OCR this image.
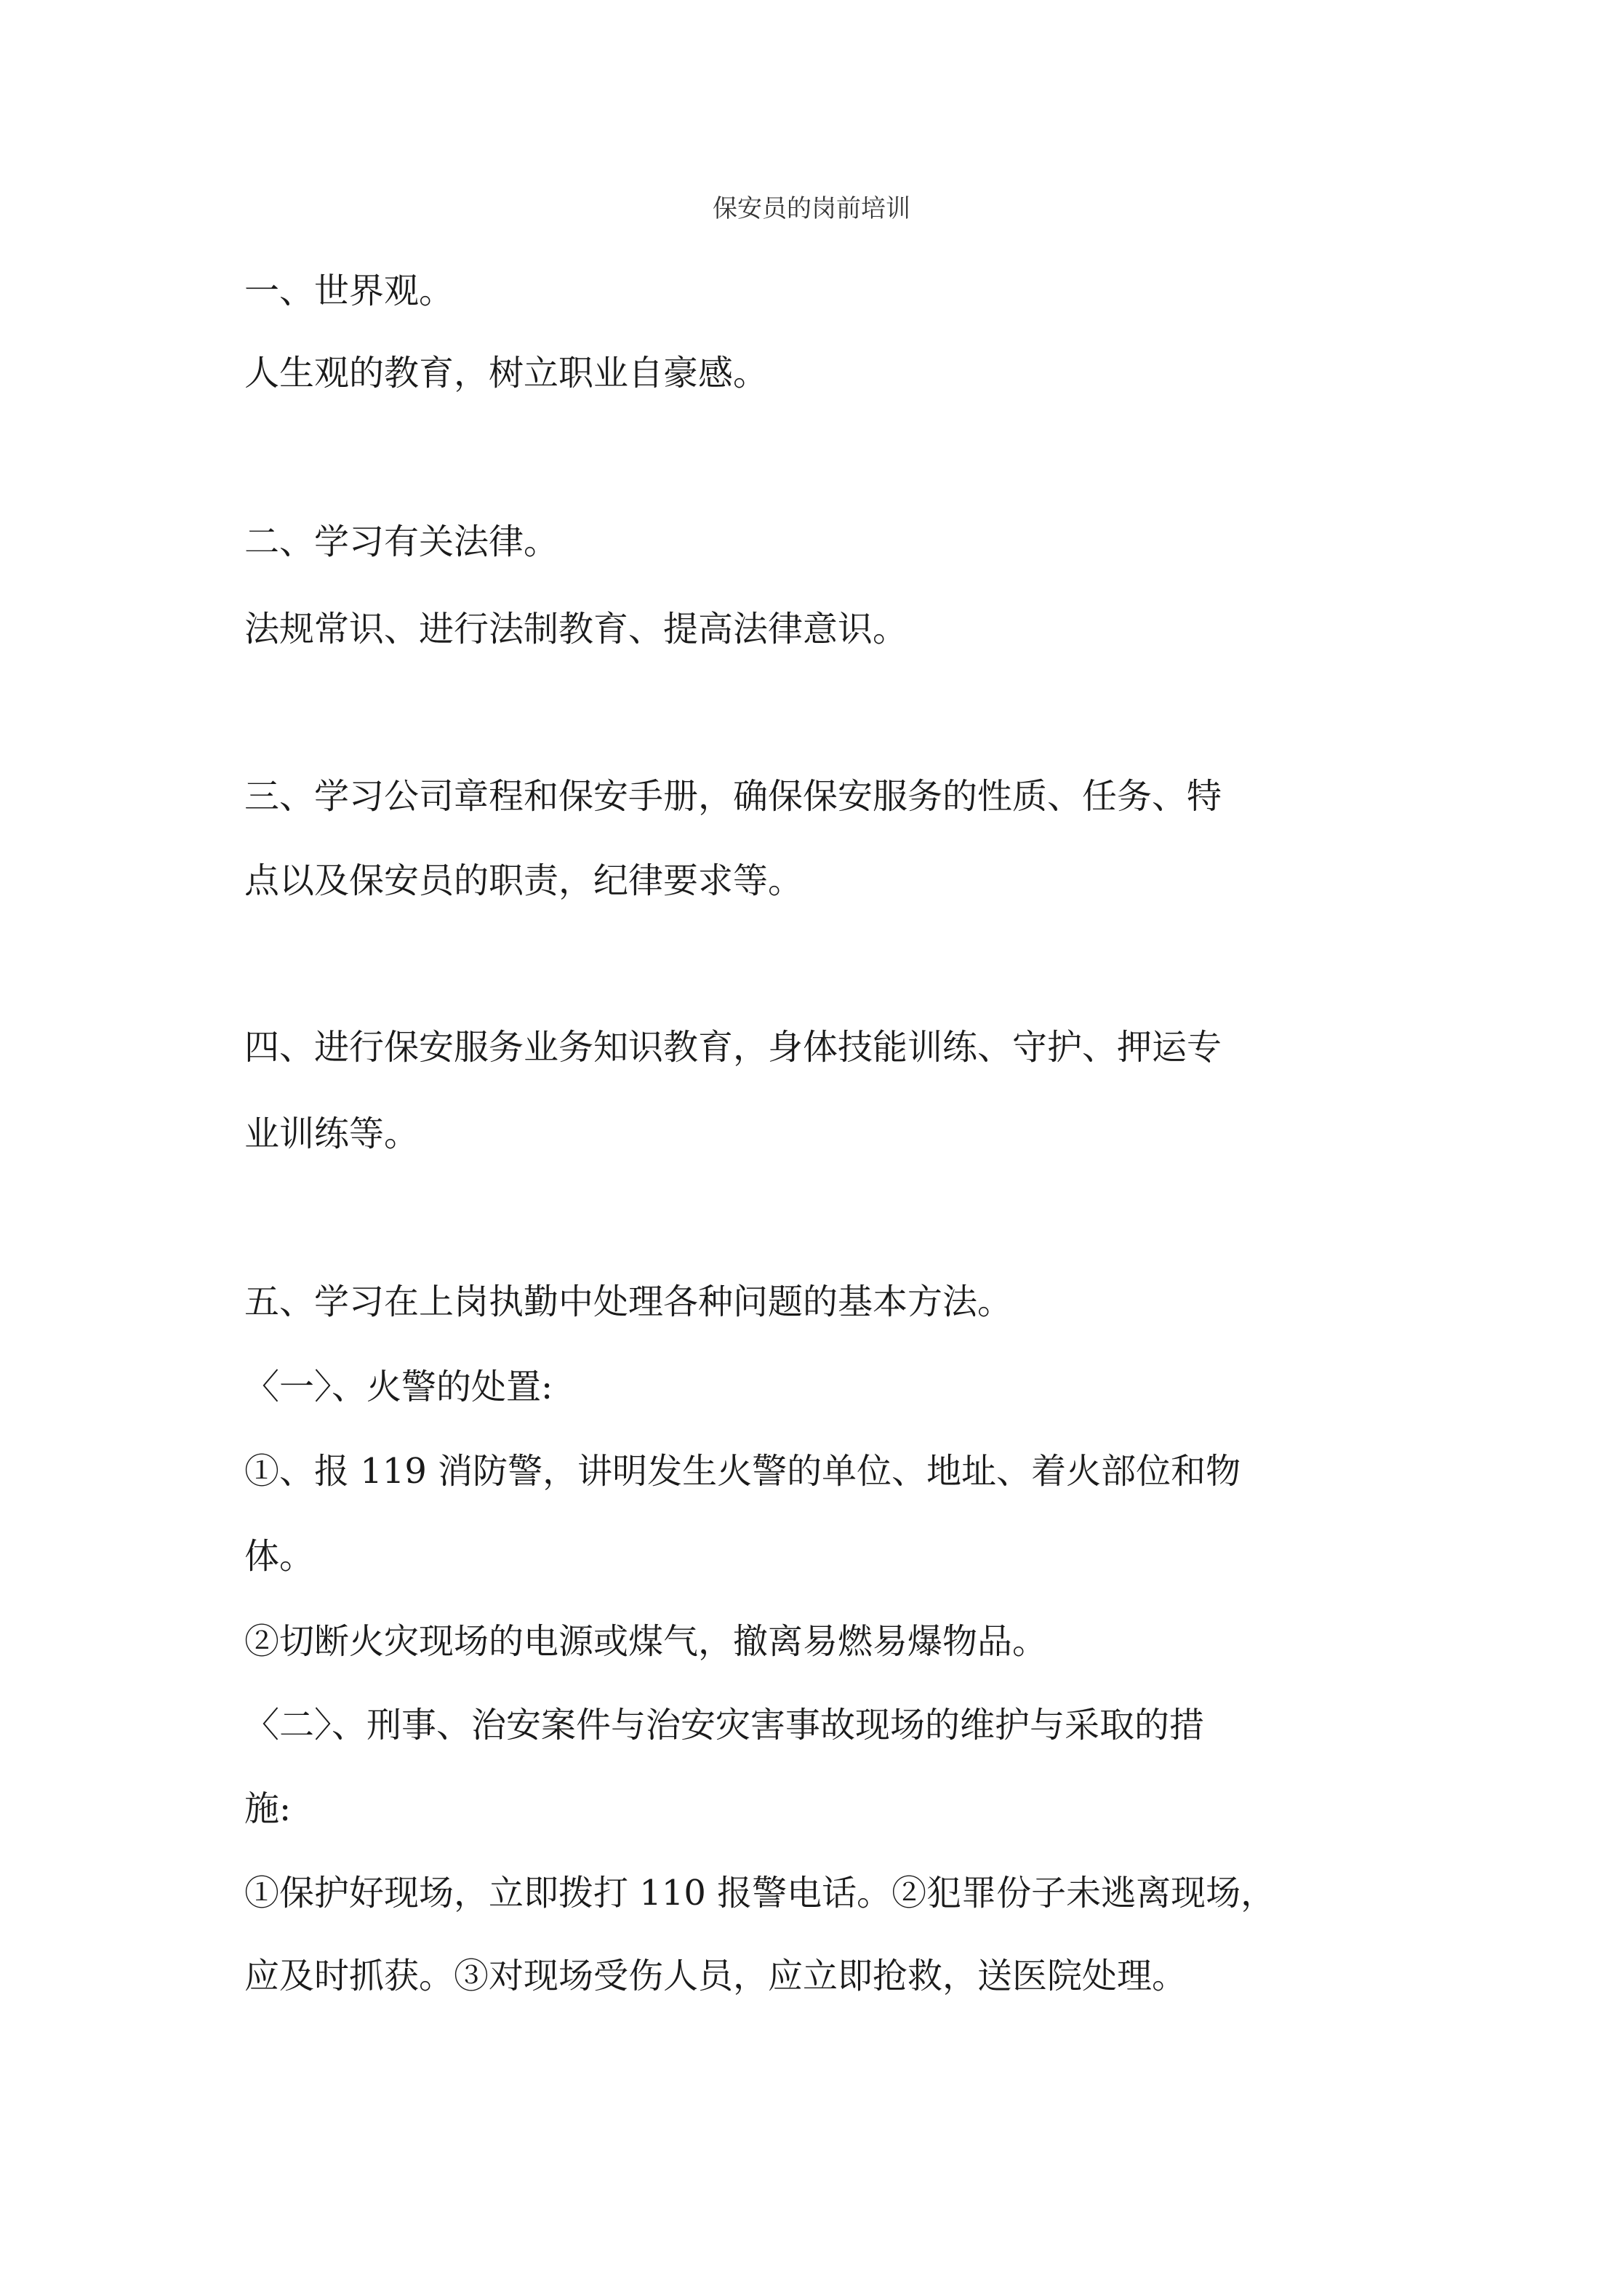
保安员的岗前培训

一、世界观。

人生观的教育，树立职业自豪感。

二、学习有关法律。

法规常识、进行法制教育、提高法律意识。

三、学习公司章程和保安手册，确保保安服务的性质、任务、特

点以及保安员的职责，纪律要求等。

四、进行保安服务业务知识教育，身体技能训练、守护、押运专

业训练等。

五、学习在上岗执勤中处理各种问题的基本方法。

〈一〉、火警的处置:

①、报 119 消防警，讲明发生火警的单位、地址、着火部位和物

体。

②切断火灾现场的电源或煤气，撤离易燃易爆物品。

〈二〉、刑事、治安案件与治安灾害事故现场的维护与采取的措

施:

①保护好现场，立即拨打 110 报警电话。②犯罪份子未逃离现场，

应及时抓获。③对现场受伤人员，应立即抢救，送医院处理。
